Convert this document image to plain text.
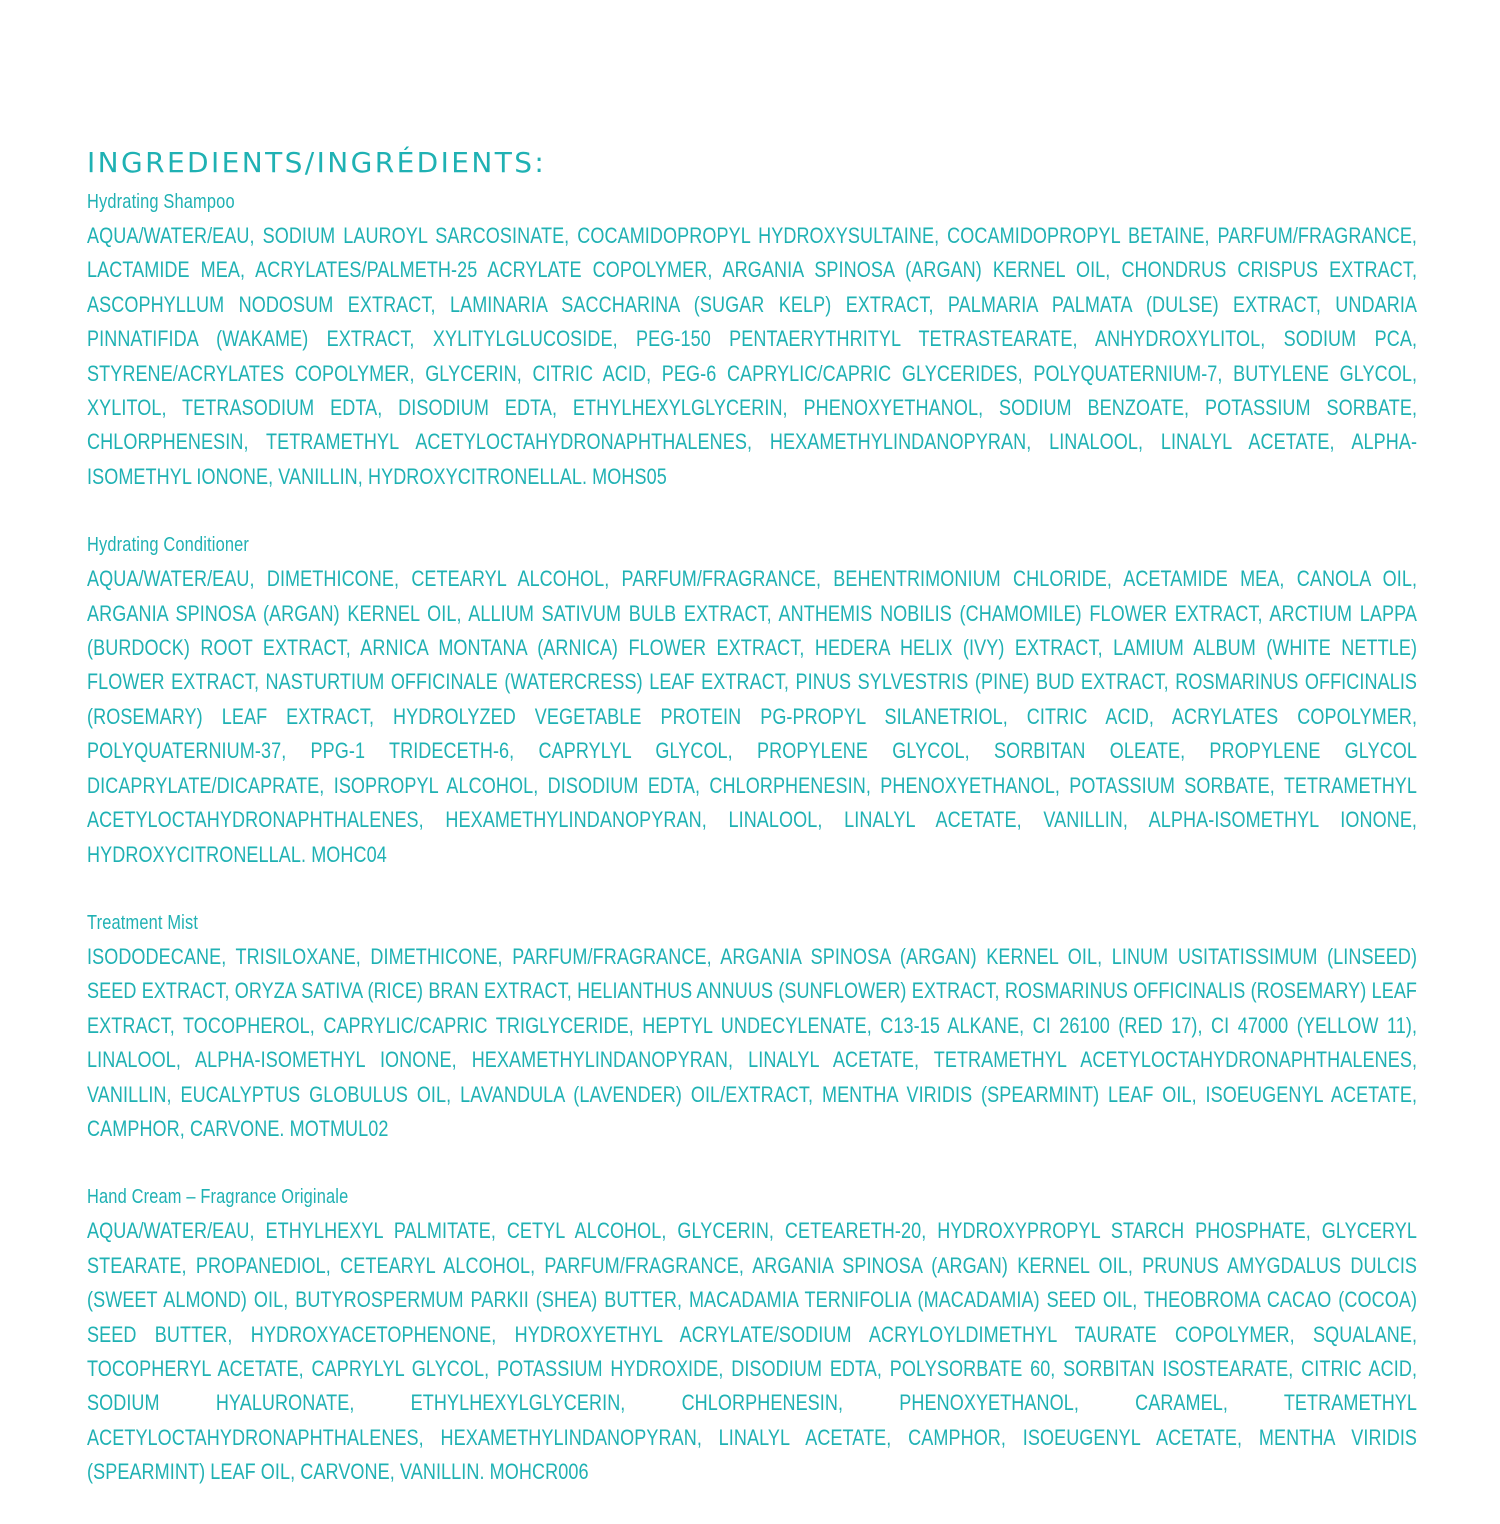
INGREDIENTS/INGRÉDIENTS:
Hydrating Shampoo

AQUA/WATER/EAU, SODIUM LAUROYL SARCOSINATE, COCAMIDOPROPYL HYDROXYSULTAINE, COCAMIDOPROPYL BETAINE, PARFUM/FRAGRANCE, LACTAMIDE MEA, ACRYLATES/PALMETH-25 ACRYLATE COPOLYMER, ARGANIA SPINOSA (ARGAN) KERNEL OIL, CHONDRUS CRISPUS EXTRACT, ASCOPHYLLUM NODOSUM EXTRACT, LAMINARIA SACCHARINA (SUGAR KELP) EXTRACT, PALMARIA PALMATA (DULSE) EXTRACT, UNDARIA PINNATIFIDA (WAKAME) EXTRACT, XYLITYLGLUCOSIDE, PEG-150 PENTAERYTHRITYL TETRASTEARATE, ANHYDROXYLITOL, SODIUM PCA, STYRENE/ACRYLATES COPOLYMER, GLYCERIN, CITRIC ACID, PEG-6 CAPRYLIC/CAPRIC GLYCERIDES, POLYQUATERNIUM-7, BUTYLENE GLYCOL, XYLITOL, TETRASODIUM EDTA, DISODIUM EDTA, ETHYLHEXYLGLYCERIN, PHENOXYETHANOL, SODIUM BENZOATE, POTASSIUM SORBATE, CHLORPHENESIN, TETRAMETHYL ACETYLOCTAHYDRONAPHTHALENES, HEXAMETHYLINDANOPYRAN, LINALOOL, LINALYL ACETATE, ALPHA-ISOMETHYL IONONE, VANILLIN, HYDROXYCITRONELLAL. MOHS05

Hydrating Conditioner

AQUA/WATER/EAU, DIMETHICONE, CETEARYL ALCOHOL, PARFUM/FRAGRANCE, BEHENTRIMONIUM CHLORIDE, ACETAMIDE MEA, CANOLA OIL, ARGANIA SPINOSA (ARGAN) KERNEL OIL, ALLIUM SATIVUM BULB EXTRACT, ANTHEMIS NOBILIS (CHAMOMILE) FLOWER EXTRACT, ARCTIUM LAPPA (BURDOCK) ROOT EXTRACT, ARNICA MONTANA (ARNICA) FLOWER EXTRACT, HEDERA HELIX (IVY) EXTRACT, LAMIUM ALBUM (WHITE NETTLE) FLOWER EXTRACT, NASTURTIUM OFFICINALE (WATERCRESS) LEAF EXTRACT, PINUS SYLVESTRIS (PINE) BUD EXTRACT, ROSMARINUS OFFICINALIS (ROSEMARY) LEAF EXTRACT, HYDROLYZED VEGETABLE PROTEIN PG-PROPYL SILANETRIOL, CITRIC ACID, ACRYLATES COPOLYMER, POLYQUATERNIUM-37, PPG-1 TRIDECETH-6, CAPRYLYL GLYCOL, PROPYLENE GLYCOL, SORBITAN OLEATE, PROPYLENE GLYCOL DICAPRYLATE/DICAPRATE, ISOPROPYL ALCOHOL, DISODIUM EDTA, CHLORPHENESIN, PHENOXYETHANOL, POTASSIUM SORBATE, TETRAMETHYL ACETYLOCTAHYDRONAPHTHALENES, HEXAMETHYLINDANOPYRAN, LINALOOL, LINALYL ACETATE, VANILLIN, ALPHA-ISOMETHYL IONONE, HYDROXYCITRONELLAL. MOHC04

Treatment Mist

ISODODECANE, TRISILOXANE, DIMETHICONE, PARFUM/FRAGRANCE, ARGANIA SPINOSA (ARGAN) KERNEL OIL, LINUM USITATISSIMUM (LINSEED) SEED EXTRACT, ORYZA SATIVA (RICE) BRAN EXTRACT, HELIANTHUS ANNUUS (SUNFLOWER) EXTRACT, ROSMARINUS OFFICINALIS (ROSEMARY) LEAF EXTRACT, TOCOPHEROL, CAPRYLIC/CAPRIC TRIGLYCERIDE, HEPTYL UNDECYLENATE, C13-15 ALKANE, CI 26100 (RED 17), CI 47000 (YELLOW 11), LINALOOL, ALPHA-ISOMETHYL IONONE, HEXAMETHYLINDANOPYRAN, LINALYL ACETATE, TETRAMETHYL ACETYLOCTAHYDRONAPHTHALENES, VANILLIN, EUCALYPTUS GLOBULUS OIL, LAVANDULA (LAVENDER) OIL/EXTRACT, MENTHA VIRIDIS (SPEARMINT) LEAF OIL, ISOEUGENYL ACETATE, CAMPHOR, CARVONE. MOTMUL02

Hand Cream – Fragrance Originale

AQUA/WATER/EAU, ETHYLHEXYL PALMITATE, CETYL ALCOHOL, GLYCERIN, CETEARETH-20, HYDROXYPROPYL STARCH PHOSPHATE, GLYCERYL STEARATE, PROPANEDIOL, CETEARYL ALCOHOL, PARFUM/FRAGRANCE, ARGANIA SPINOSA (ARGAN) KERNEL OIL, PRUNUS AMYGDALUS DULCIS (SWEET ALMOND) OIL, BUTYROSPERMUM PARKII (SHEA) BUTTER, MACADAMIA TERNIFOLIA (MACADAMIA) SEED OIL, THEOBROMA CACAO (COCOA) SEED BUTTER, HYDROXYACETOPHENONE, HYDROXYETHYL ACRYLATE/SODIUM ACRYLOYLDIMETHYL TAURATE COPOLYMER, SQUALANE, TOCOPHERYL ACETATE, CAPRYLYL GLYCOL, POTASSIUM HYDROXIDE, DISODIUM EDTA, POLYSORBATE 60, SORBITAN ISOSTEARATE, CITRIC ACID, SODIUM HYALURONATE, ETHYLHEXYLGLYCERIN, CHLORPHENESIN, PHENOXYETHANOL, CARAMEL, TETRAMETHYL ACETYLOCTAHYDRONAPHTHALENES, HEXAMETHYLINDANOPYRAN, LINALYL ACETATE, CAMPHOR, ISOEUGENYL ACETATE, MENTHA VIRIDIS (SPEARMINT) LEAF OIL, CARVONE, VANILLIN. MOHCR006
